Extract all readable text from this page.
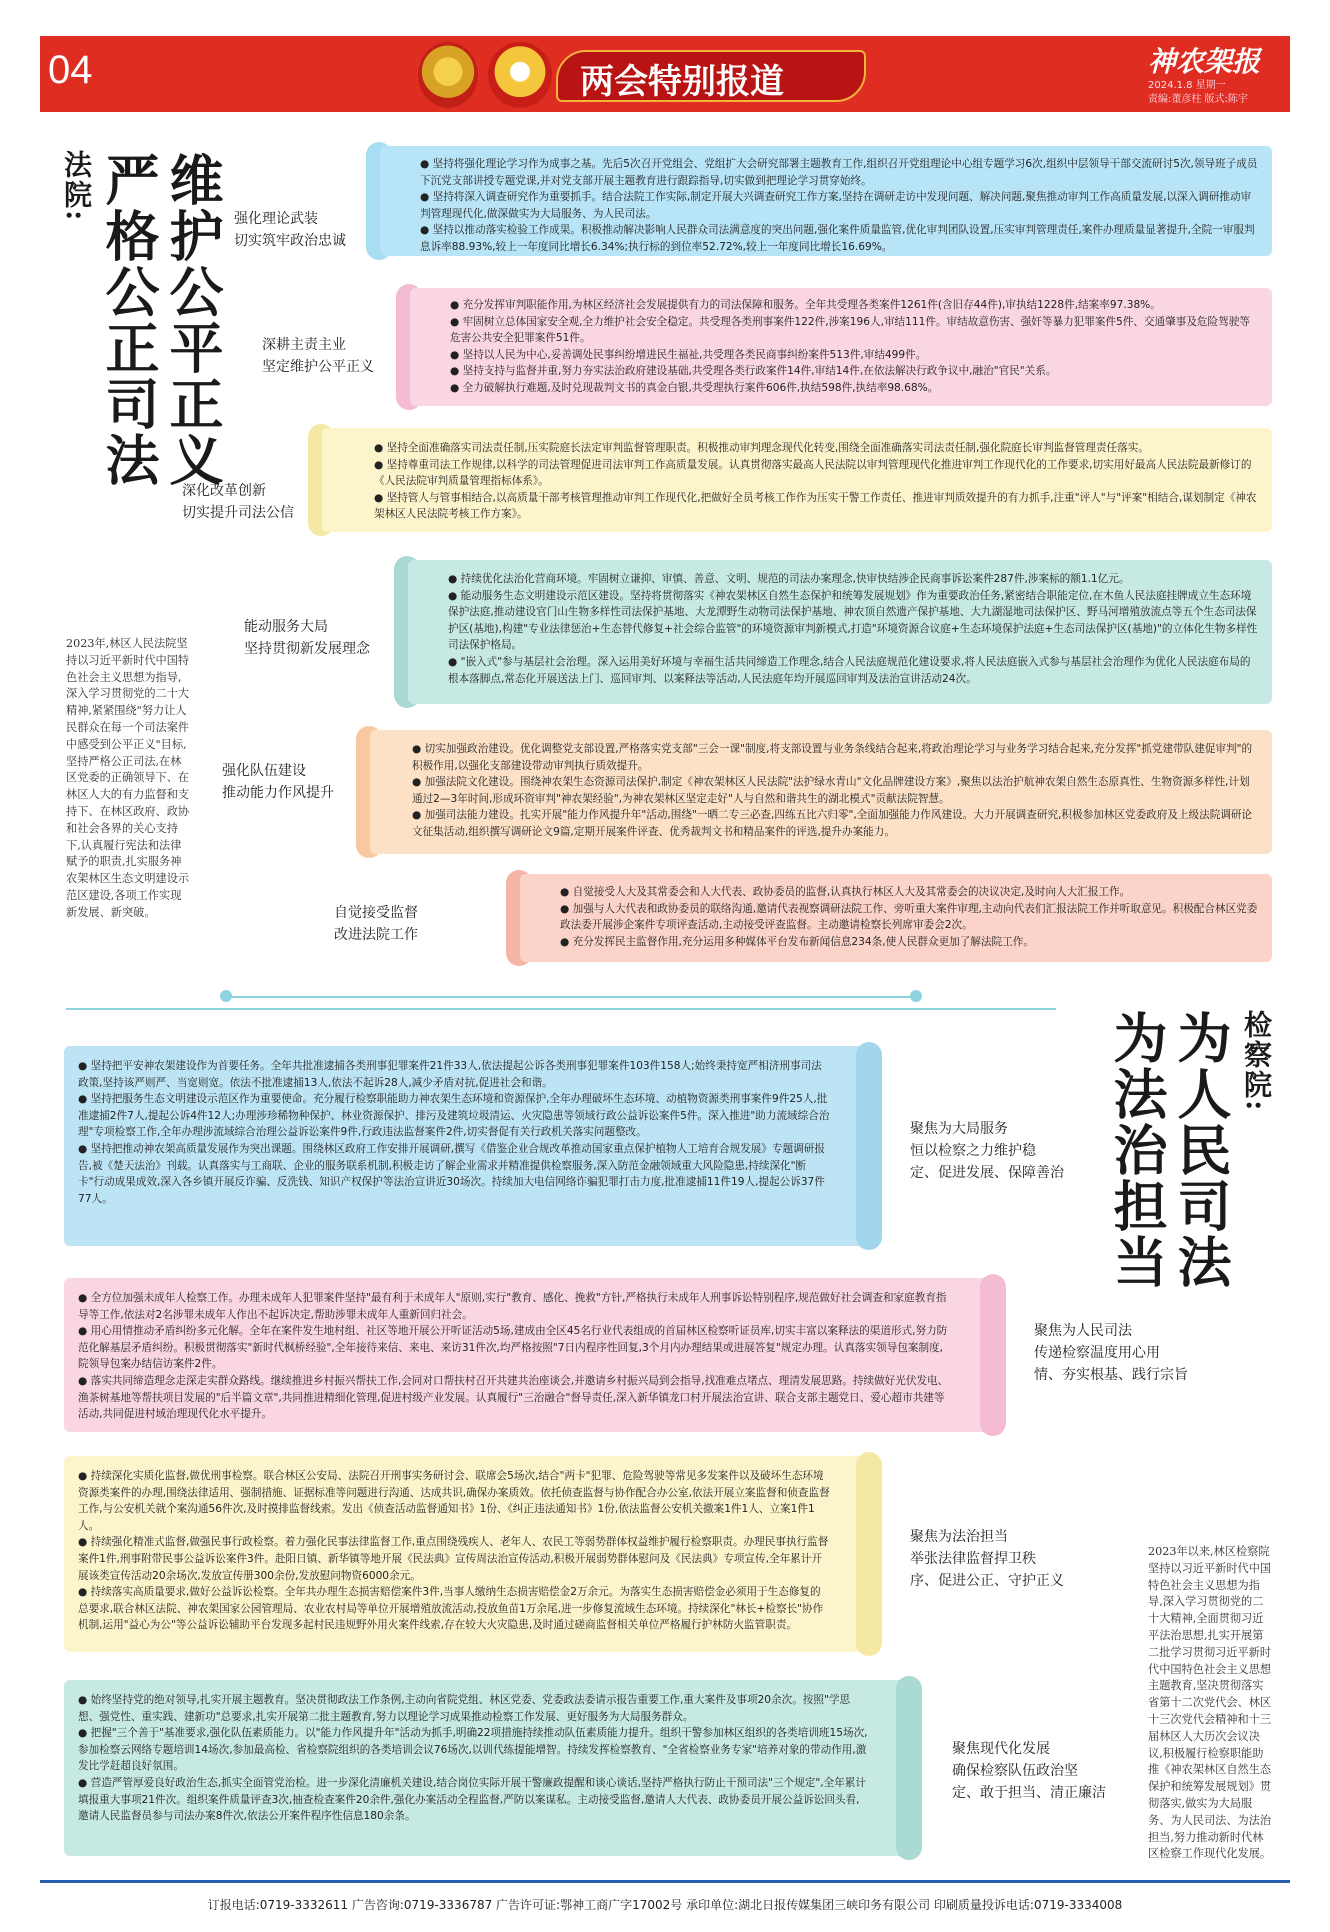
04	两会特别报道
神农架报
2024.1.8 星期一
责编:董彦柱 版式:陈宇
法院: 维护公平正义
严格公正司法
2023年,林区人民法院坚持以习近平新时代中国特色社会主义思想为指导,深入学习贯彻党的二十大精神,紧紧围绕"努力让人民群众在每一个司法案件中感受到公平正义"目标,坚持严格公正司法,在林区党委的正确领导下、在林区人大的有力监督和支持下、在林区政府、政协和社会各界的关心支持下,认真履行宪法和法律赋予的职责,扎实服务神农架林区生态文明建设示范区建设,各项工作实现新发展、新突破。
强化理论武装
切实筑牢政治忠诚
● 坚持将强化理论学习作为成事之基。先后5次召开党组会、党组扩大会研究部署主题教育工作,组织召开党组理论中心组专题学习6次,组织中层领导干部交流研讨5次,领导班子成员下沉党支部讲授专题党课,并对党支部开展主题教育进行跟踪指导,切实做到把理论学习贯穿始终。
● 坚持将深入调查研究作为重要抓手。结合法院工作实际,制定开展大兴调查研究工作方案,坚持在调研走访中发现问题、解决问题,聚焦推动审判工作高质量发展,以深入调研推动审判管理现代化,做深做实为大局服务、为人民司法。
● 坚持以推动落实检验工作成果。积极推动解决影响人民群众司法满意度的突出问题,强化案件质量监管,优化审判团队设置,压实审判管理责任,案件办理质量显著提升,全院一审服判息诉率88.93%,较上一年度同比增长6.34%;执行标的到位率52.72%,较上一年度同比增长16.69%。
深耕主责主业
坚定维护公平正义
● 充分发挥审判职能作用,为林区经济社会发展提供有力的司法保障和服务。全年共受理各类案件1261件(含旧存44件),审执结1228件,结案率97.38%。
● 牢固树立总体国家安全观,全力维护社会安全稳定。共受理各类刑事案件122件,涉案196人,审结111件。审结故意伤害、强奸等暴力犯罪案件5件、交通肇事及危险驾驶等危害公共安全犯罪案件51件。
● 坚持以人民为中心,妥善调处民事纠纷增进民生福祉,共受理各类民商事纠纷案件513件,审结499件。
● 坚持支持与监督并重,努力夯实法治政府建设基础,共受理各类行政案件14件,审结14件,在依法解决行政争议中,融治"官民"关系。
● 全力破解执行难题,及时兑现裁判文书的真金白银,共受理执行案件606件,执结598件,执结率98.68%。
深化改革创新
切实提升司法公信
● 坚持全面准确落实司法责任制,压实院庭长法定审判监督管理职责。积极推动审判理念现代化转变,围绕全面准确落实司法责任制,强化院庭长审判监督管理责任落实。
● 坚持尊重司法工作规律,以科学的司法管理促进司法审判工作高质量发展。认真贯彻落实最高人民法院以审判管理现代化推进审判工作现代化的工作要求,切实用好最高人民法院最新修订的《人民法院审判质量管理指标体系》。
● 坚持管人与管事相结合,以高质量干部考核管理推动审判工作现代化,把做好全员考核工作作为压实干警工作责任、推进审判质效提升的有力抓手,注重"评人"与"评案"相结合,谋划制定《神农架林区人民法院考核工作方案》。
能动服务大局
坚持贯彻新发展理念
● 持续优化法治化营商环境。牢固树立谦抑、审慎、善意、文明、规范的司法办案理念,快审快结涉企民商事诉讼案件287件,涉案标的额1.1亿元。
● 能动服务生态文明建设示范区建设。坚持将贯彻落实《神农架林区自然生态保护和统筹发展规划》作为重要政治任务,紧密结合职能定位,在木鱼人民法庭挂牌成立生态环境保护法庭,推动建设官门山生物多样性司法保护基地、大龙潭野生动物司法保护基地、神农顶自然遗产保护基地、大九湖湿地司法保护区、野马河增殖放流点等五个生态司法保护区(基地),构建"专业法律惩治+生态替代修复+社会综合监管"的环境资源审判新模式,打造"环境资源合议庭+生态环境保护法庭+生态司法保护区(基地)"的立体化生物多样性司法保护格局。
● "嵌入式"参与基层社会治理。深入运用美好环境与幸福生活共同缔造工作理念,结合人民法庭规范化建设要求,将人民法庭嵌入式参与基层社会治理作为优化人民法庭布局的根本落脚点,常态化开展送法上门、巡回审判、以案释法等活动,人民法庭年均开展巡回审判及法治宣讲活动24次。
强化队伍建设
推动能力作风提升
● 切实加强政治建设。优化调整党支部设置,严格落实党支部"三会一课"制度,将支部设置与业务条线结合起来,将政治理论学习与业务学习结合起来,充分发挥"抓党建带队建促审判"的积极作用,以强化支部建设带动审判执行质效提升。
● 加强法院文化建设。围绕神农架生态资源司法保护,制定《神农架林区人民法院"法护绿水青山"文化品牌建设方案》,聚焦以法治护航神农架自然生态原真性、生物资源多样性,计划通过2—3年时间,形成环资审判"神农架经验",为神农架林区坚定走好"人与自然和谐共生的湖北模式"贡献法院智慧。
● 加强司法能力建设。扎实开展"能力作风提升年"活动,围绕"一晒二专三必查,四练五比六归零",全面加强能力作风建设。大力开展调查研究,积极参加林区党委政府及上级法院调研论文征集活动,组织撰写调研论文9篇,定期开展案件评查、优秀裁判文书和精品案件的评选,提升办案能力。
自觉接受监督
改进法院工作
● 自觉接受人大及其常委会和人大代表、政协委员的监督,认真执行林区人大及其常委会的决议决定,及时向人大汇报工作。
● 加强与人大代表和政协委员的联络沟通,邀请代表视察调研法院工作、旁听重大案件审理,主动向代表们汇报法院工作并听取意见。积极配合林区党委政法委开展涉企案件专项评查活动,主动接受评查监督。主动邀请检察长列席审委会2次。
● 充分发挥民主监督作用,充分运用多种媒体平台发布新闻信息234条,使人民群众更加了解法院工作。
检察院:
为人民司法
为法治担当
2023年以来,林区检察院坚持以习近平新时代中国特色社会主义思想为指导,深入学习贯彻党的二十大精神,全面贯彻习近平法治思想,扎实开展第二批学习贯彻习近平新时代中国特色社会主义思想主题教育,坚决贯彻落实省第十二次党代会、林区十三次党代会精神和十三届林区人大历次会议决议,积极履行检察职能助推《神农架林区自然生态保护和统筹发展规划》贯彻落实,做实为大局服务、为人民司法、为法治担当,努力推动新时代林区检察工作现代化发展。
● 坚持把平安神农架建设作为首要任务。全年共批准逮捕各类刑事犯罪案件21件33人,依法提起公诉各类刑事犯罪案件103件158人;始终秉持宽严相济刑事司法政策,坚持该严则严、当宽则宽。依法不批准逮捕13人,依法不起诉28人,减少矛盾对抗,促进社会和谐。
● 坚持把服务生态文明建设示范区作为重要使命。充分履行检察职能助力神农架生态环境和资源保护,全年办理破坏生态环境、动植物资源类刑事案件9件25人,批准逮捕2件7人,提起公诉4件12人;办理涉珍稀物种保护、林业资源保护、排污及建筑垃圾清运、火灾隐患等领域行政公益诉讼案件5件。深入推进"助力流域综合治理"专项检察工作,全年办理涉流域综合治理公益诉讼案件9件,行政违法监督案件2件,切实督促有关行政机关落实问题整改。
● 坚持把推动神农架高质量发展作为突出课题。围绕林区政府工作安排开展调研,撰写《借鉴企业合规改革推动国家重点保护植物人工培育合规发展》专题调研报告,被《楚天法治》刊载。认真落实与工商联、企业的服务联系机制,积极走访了解企业需求并精准提供检察服务,深入防范金融领域重大风险隐患,持续深化"断卡"行动成果成效,深入各乡镇开展反诈骗、反洗钱、知识产权保护等法治宣讲近30场次。持续加大电信网络诈骗犯罪打击力度,批准逮捕11件19人,提起公诉37件77人。
聚焦为大局服务
恒以检察之力维护稳
定、促进发展、保障善治
● 全方位加强未成年人检察工作。办理未成年人犯罪案件坚持"最有利于未成年人"原则,实行"教育、感化、挽救"方针,严格执行未成年人刑事诉讼特别程序,规范做好社会调查和家庭教育指导等工作,依法对2名涉罪未成年人作出不起诉决定,帮助涉罪未成年人重新回归社会。
● 用心用情推动矛盾纠纷多元化解。全年在案件发生地村组、社区等地开展公开听证活动5场,建成由全区45名行业代表组成的首届林区检察听证员库,切实丰富以案释法的渠道形式,努力防范化解基层矛盾纠纷。积极贯彻落实"新时代枫桥经验",全年接待来信、来电、来访31件次,均严格按照"7日内程序性回复,3个月内办理结果或进展答复"规定办理。认真落实领导包案制度,院领导包案办结信访案件2件。
● 落实共同缔造理念走深走实群众路线。继续推进乡村振兴帮扶工作,会同对口帮扶村召开共建共治座谈会,并邀请乡村振兴局到会指导,找准难点堵点、理清发展思路。持续做好光伏发电、渔茶树基地等帮扶项目发展的"后半篇文章",共同推进精细化管理,促进村级产业发展。认真履行"三治融合"督导责任,深入新华镇龙口村开展法治宣讲、联合支部主题党日、爱心超市共建等活动,共同促进村域治理现代化水平提升。
聚焦为人民司法
传递检察温度用心用
情、夯实根基、践行宗旨
● 持续深化实质化监督,做优刑事检察。联合林区公安局、法院召开刑事实务研讨会、联席会5场次,结合"两卡"犯罪、危险驾驶等常见多发案件以及破坏生态环境资源类案件的办理,围绕法律适用、强制措施、证据标准等问题进行沟通、达成共识,确保办案质效。依托侦查监督与协作配合办公室,依法开展立案监督和侦查监督工作,与公安机关就个案沟通56件次,及时摸排监督线索。发出《侦查活动监督通知书》1份、《纠正违法通知书》1份,依法监督公安机关撤案1件1人、立案1件1人。
● 持续强化精准式监督,做强民事行政检察。着力强化民事法律监督工作,重点围绕残疾人、老年人、农民工等弱势群体权益维护履行检察职责。办理民事执行监督案件1件,刑事附带民事公益诉讼案件3件。赴阳日镇、新华镇等地开展《民法典》宣传周法治宣传活动,积极开展弱势群体慰问及《民法典》专项宣传,全年累计开展该类宣传活动20余场次,发放宣传册300余份,发放慰问物资6000余元。
● 持续落实高质量要求,做好公益诉讼检察。全年共办理生态损害赔偿案件3件,当事人缴纳生态损害赔偿金2万余元。为落实生态损害赔偿金必须用于生态修复的总要求,联合林区法院、神农架国家公园管理局、农业农村局等单位开展增殖放流活动,投放鱼苗1万余尾,进一步修复流域生态环境。持续深化"林长+检察长"协作机制,运用"益心为公"等公益诉讼辅助平台发现多起村民违规野外用火案件线索,存在较大火灾隐患,及时通过磋商监督相关单位严格履行护林防火监管职责。
聚焦为法治担当
举张法律监督捍卫秩
序、促进公正、守护正义
● 始终坚持党的绝对领导,扎实开展主题教育。坚决贯彻政法工作条例,主动向省院党组、林区党委、党委政法委请示报告重要工作,重大案件及事项20余次。按照"学思想、强党性、重实践、建新功"总要求,扎实开展第二批主题教育,努力以理论学习成果推动检察工作发展、更好服务为大局服务群众。
● 把握"三个善于"基准要求,强化队伍素质能力。以"能力作风提升年"活动为抓手,明确22项措施持续推动队伍素质能力提升。组织干警参加林区组织的各类培训班15场次,参加检察云网络专题培训14场次,参加最高检、省检察院组织的各类培训会议76场次,以训代练提能增智。持续发挥检察教育、"全省检察业务专家"培养对象的带动作用,激发比学赶超良好氛围。
● 营造严管厚爱良好政治生态,抓实全面管党治检。进一步深化清廉机关建设,结合岗位实际开展干警廉政提醒和谈心谈话,坚持严格执行防止干预司法"三个规定",全年累计填报重大事项21件次。组织案件质量评查3次,抽查检查案件20余件,强化办案活动全程监督,严防以案谋私。主动接受监督,邀请人大代表、政协委员开展公益诉讼回头看,邀请人民监督员参与司法办案8件次,依法公开案件程序性信息180余条。
聚焦现代化发展
确保检察队伍政治坚
定、敢于担当、清正廉洁
订报电话:0719-3332611 广告咨询:0719-3336787 广告许可证:鄂神工商广字17002号 承印单位:湖北日报传媒集团三峡印务有限公司 印刷质量投诉电话:0719-3334008
